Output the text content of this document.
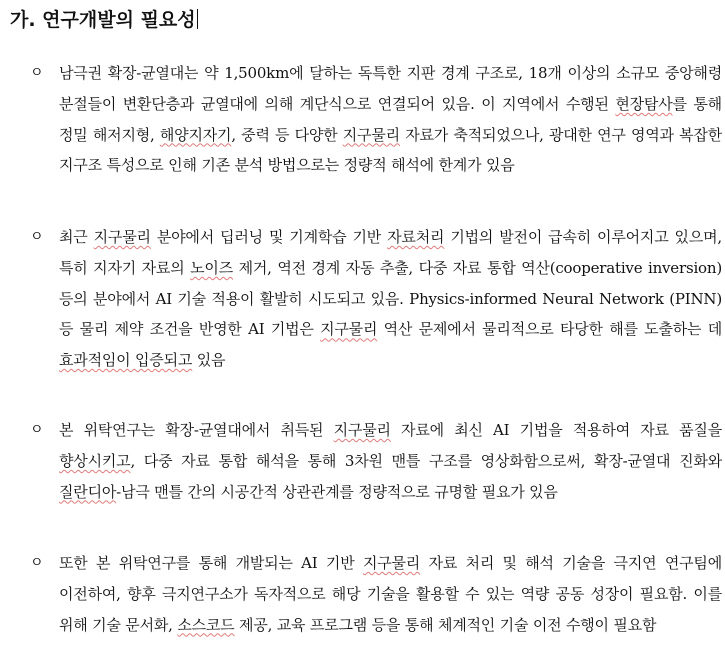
가. 연구개발의 필요성
ㅇ 남극권 확장-균열대는 약 1,500km에 달하는 독특한 지판 경계 구조로, 18개 이상의 소규모 중앙해령 분절들이 변환단층과 균열대에 의해 계단식으로 연결되어 있음. 이 지역에서 수행된 현장탐사를 통해 정밀 해저지형, 해양지자기, 중력 등 다양한 지구물리 자료가 축적되었으나, 광대한 연구 영역과 복잡한 지구조 특성으로 인해 기존 분석 방법으로는 정량적 해석에 한계가 있음
ㅇ 최근 지구물리 분야에서 딥러닝 및 기계학습 기반 자료처리 기법의 발전이 급속히 이루어지고 있으며, 특히 지자기 자료의 노이즈 제거, 역전 경계 자동 추출, 다중 자료 통합 역산(cooperative inversion) 등의 분야에서 AI 기술 적용이 활발히 시도되고 있음. Physics-informed Neural Network (PINN) 등 물리 제약 조건을 반영한 AI 기법은 지구물리 역산 문제에서 물리적으로 타당한 해를 도출하는 데 효과적임이 입증되고 있음
ㅇ 본 위탁연구는 확장-균열대에서 취득된 지구물리 자료에 최신 AI 기법을 적용하여 자료 품질을 향상시키고, 다중 자료 통합 해석을 통해 3차원 맨틀 구조를 영상화함으로써, 확장-균열대 진화와 질란디아-남극 맨틀 간의 시공간적 상관관계를 정량적으로 규명할 필요가 있음
ㅇ 또한 본 위탁연구를 통해 개발되는 AI 기반 지구물리 자료 처리 및 해석 기술을 극지연 연구팀에 이전하여, 향후 극지연구소가 독자적으로 해당 기술을 활용할 수 있는 역량 공동 성장이 필요함. 이를 위해 기술 문서화, 소스코드 제공, 교육 프로그램 등을 통해 체계적인 기술 이전 수행이 필요함
